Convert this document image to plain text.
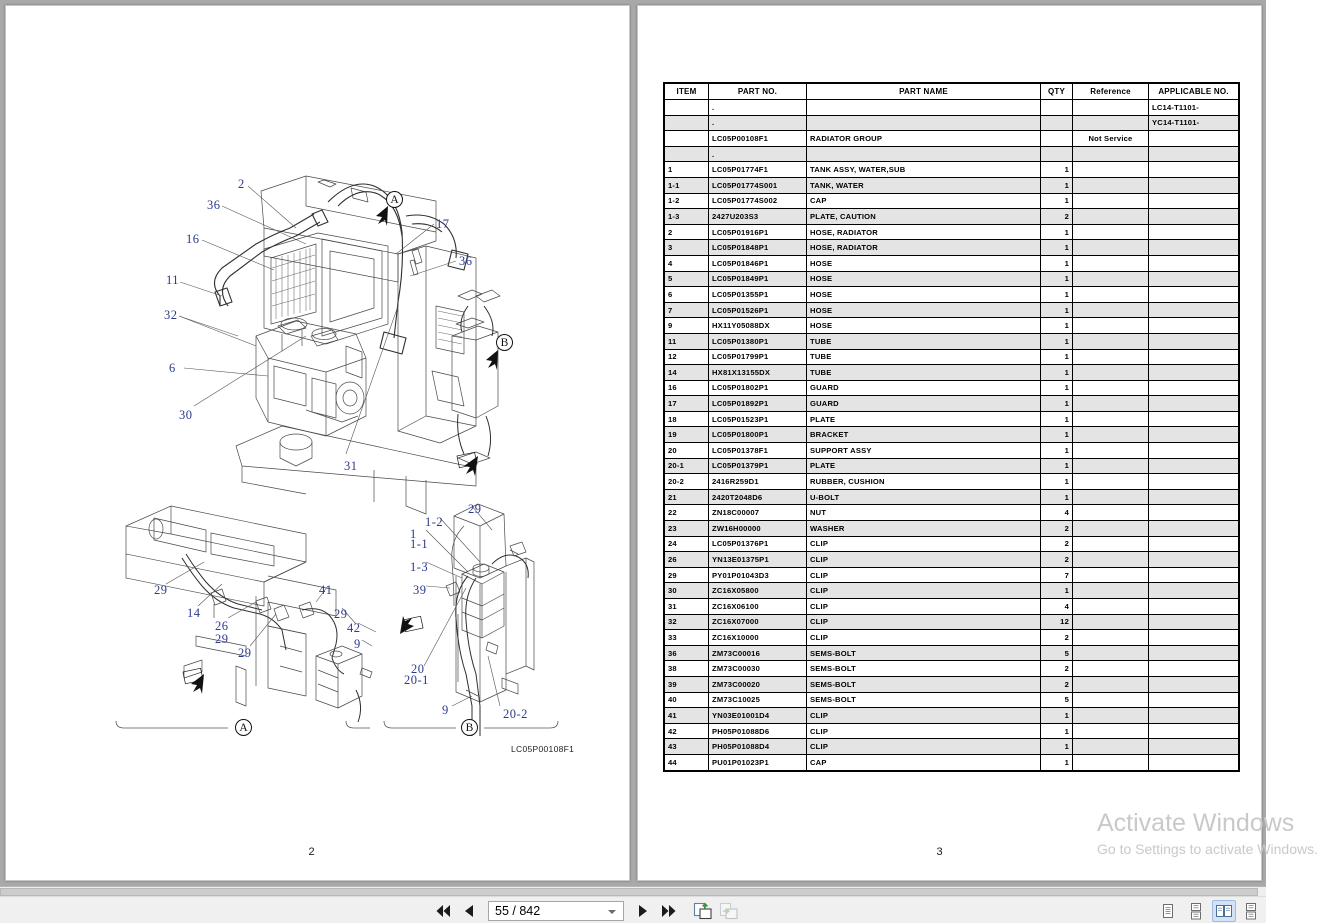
2
36
16
11
32
6
30
31
17
36
29
14
26
29
29
41
29
42
9
29
1-2
1
1-1
1-3
39
20
20-1
9	20-2
A
B
A	B
LC05P00108F1
2
ITEM	PART NO.	PART NAME	QTY	Reference	APPLICABLE NO.
	.				LC14-T1101-
	.				YC14-T1101-
	LC05P00108F1	RADIATOR GROUP		Not Service	
	.				
1	LC05P01774F1	TANK ASSY, WATER,SUB	1		
1-1	LC05P01774S001	TANK, WATER	1		
1-2	LC05P01774S002	CAP	1		
1-3	2427U203S3	PLATE, CAUTION	2		
2	LC05P01916P1	HOSE, RADIATOR	1		
3	LC05P01848P1	HOSE, RADIATOR	1		
4	LC05P01846P1	HOSE	1		
5	LC05P01849P1	HOSE	1		
6	LC05P01355P1	HOSE	1		
7	LC05P01526P1	HOSE	1		
9	HX11Y05088DX	HOSE	1		
11	LC05P01380P1	TUBE	1		
12	LC05P01799P1	TUBE	1		
14	HX81X13155DX	TUBE	1		
16	LC05P01802P1	GUARD	1		
17	LC05P01892P1	GUARD	1		
18	LC05P01523P1	PLATE	1		
19	LC05P01800P1	BRACKET	1		
20	LC05P01378F1	SUPPORT ASSY	1		
20-1	LC05P01379P1	PLATE	1		
20-2	2416R259D1	RUBBER, CUSHION	1		
21	2420T2048D6	U-BOLT	1		
22	ZN18C00007	NUT	4		
23	ZW16H00000	WASHER	2		
24	LC05P01376P1	CLIP	2		
26	YN13E01375P1	CLIP	2		
29	PY01P01043D3	CLIP	7		
30	ZC16X05800	CLIP	1		
31	ZC16X06100	CLIP	4		
32	ZC16X07000	CLIP	12		
33	ZC16X10000	CLIP	2		
36	ZM73C00016	SEMS-BOLT	5		
38	ZM73C00030	SEMS-BOLT	2		
39	ZM73C00020	SEMS-BOLT	2		
40	ZM73C10025	SEMS-BOLT	5		
41	YN03E01001D4	CLIP	1		
42	PH05P01088D6	CLIP	1		
43	PH05P01088D4	CLIP	1		
44	PU01P01023P1	CAP	1		
3
Activate Windows
Go to Settings to activate Windows.
55 / 842
